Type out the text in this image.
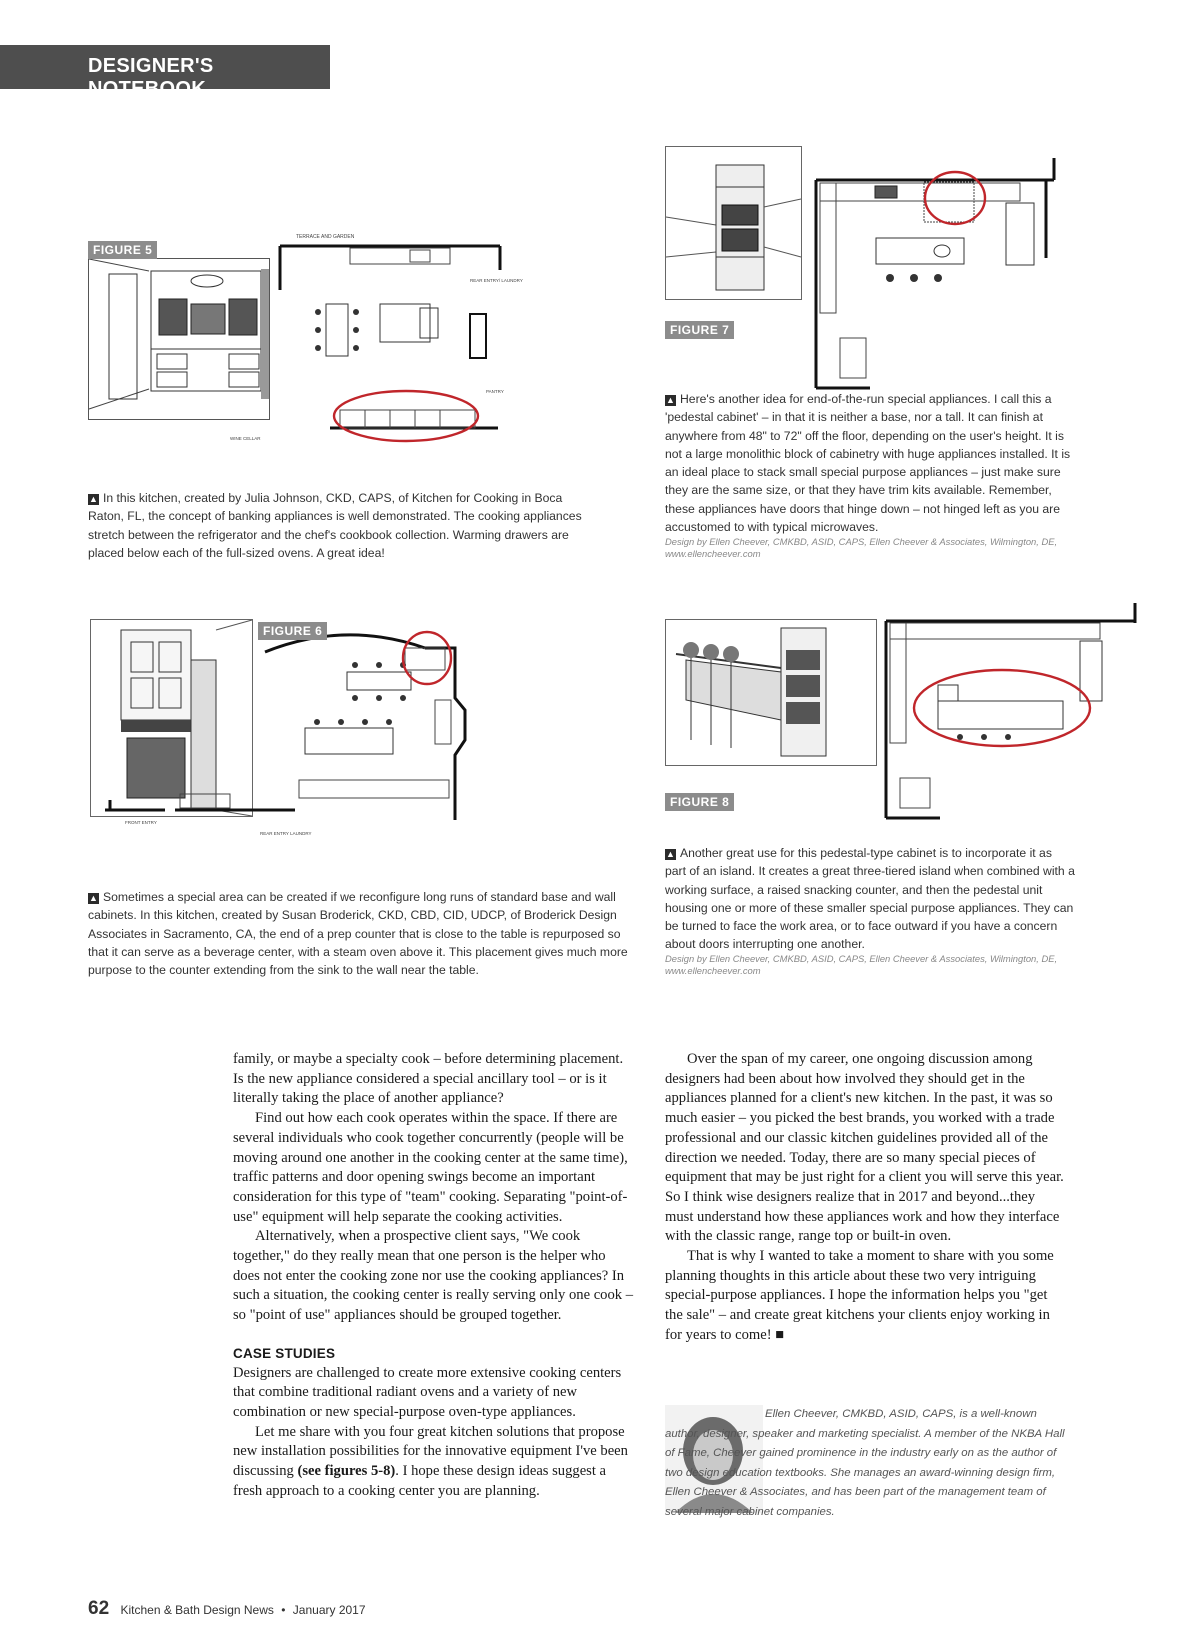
DESIGNER'S NOTEBOOK
TERRACE AND GARDEN
REAR ENTRY/ LAUNDRY
PANTRY
WINE CELLAR
FIGURE 5
▲ In this kitchen, created by Julia Johnson, CKD, CAPS, of Kitchen for Cooking in Boca Raton, FL, the concept of banking appliances is well demonstrated. The cooking appliances stretch between the refrigerator and the chef's cookbook collection. Warming drawers are placed below each of the full-sized ovens. A great idea!
FIGURE 7
▲ Here's another idea for end-of-the-run special appliances. I call this a 'pedestal cabinet' – in that it is neither a base, nor a tall. It can finish at anywhere from 48" to 72" off the floor, depending on the user's height. It is not a large monolithic block of cabinetry with huge appliances installed. It is an ideal place to stack small special purpose appliances – just make sure they are the same size, or that they have trim kits available. Remember, these appliances have doors that hinge down – not hinged left as you are accustomed to with typical microwaves.
Design by Ellen Cheever, CMKBD, ASID, CAPS, Ellen Cheever & Associates, Wilmington, DE, www.ellencheever.com
REAR ENTRY LAUNDRY
FRONT ENTRY
FIGURE 6
▲ Sometimes a special area can be created if we reconfigure long runs of standard base and wall cabinets. In this kitchen, created by Susan Broderick, CKD, CBD, CID, UDCP, of Broderick Design Associates in Sacramento, CA, the end of a prep counter that is close to the table is repurposed so that it can serve as a beverage center, with a steam oven above it. This placement gives much more purpose to the counter extending from the sink to the wall near the table.
FIGURE 8
▲ Another great use for this pedestal-type cabinet is to incorporate it as part of an island. It creates a great three-tiered island when combined with a working surface, a raised snacking counter, and then the pedestal unit housing one or more of these smaller special purpose appliances. They can be turned to face the work area, or to face outward if you have a concern about doors interrupting one another.
Design by Ellen Cheever, CMKBD, ASID, CAPS, Ellen Cheever & Associates, Wilmington, DE, www.ellencheever.com

family, or maybe a specialty cook – before determining placement. Is the new appliance considered a special ancillary tool – or is it literally taking the place of another appliance?

Find out how each cook operates within the space. If there are several individuals who cook together concurrently (people will be moving around one another in the cooking center at the same time), traffic patterns and door opening swings become an important consideration for this type of "team" cooking. Separating "point-of-use" equipment will help separate the cooking activities.

Alternatively, when a prospective client says, "We cook together," do they really mean that one person is the helper who does not enter the cooking zone nor use the cooking appliances? In such a situation, the cooking center is really serving only one cook – so "point of use" appliances should be grouped together.

CASE STUDIES

Designers are challenged to create more extensive cooking centers that combine traditional radiant ovens and a variety of new combination or new special-purpose oven-type appliances.

Let me share with you four great kitchen solutions that propose new installation possibilities for the innovative equipment I've been discussing (see figures 5-8). I hope these design ideas suggest a fresh approach to a cooking center you are planning.

Over the span of my career, one ongoing discussion among designers had been about how involved they should get in the appliances planned for a client's new kitchen. In the past, it was so much easier – you picked the best brands, you worked with a trade professional and our classic kitchen guidelines provided all of the direction we needed. Today, there are so many special pieces of equipment that may be just right for a client you will serve this year. So I think wise designers realize that in 2017 and beyond...they must understand how these appliances work and how they interface with the classic range, range top or built-in oven.

That is why I wanted to take a moment to share with you some planning thoughts in this article about these two very intriguing special-purpose appliances. I hope the information helps you "get the sale" – and create great kitchens your clients enjoy working in for years to come! ■

Ellen Cheever, CMKBD, ASID, CAPS, is a well-known author, designer, speaker and marketing specialist. A member of the NKBA Hall of Fame, Cheever gained prominence in the industry early on as the author of two design education textbooks. She manages an award-winning design firm, Ellen Cheever & Associates, and has been part of the management team of several major cabinet companies.
62 Kitchen & Bath Design News • January 2017
